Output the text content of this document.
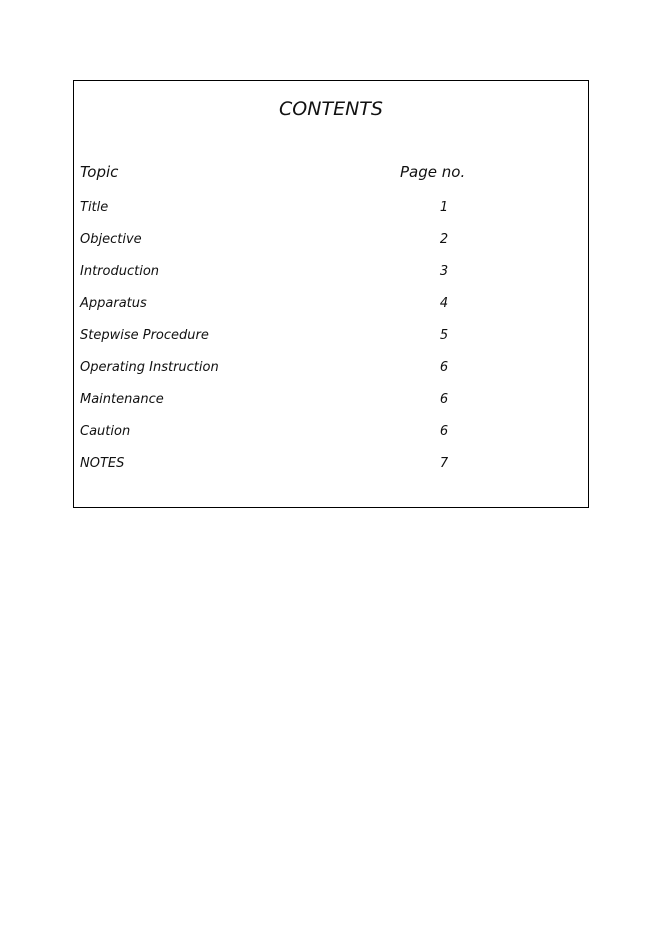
CONTENTS
Topic	Page no.
Title	1
Objective	2
Introduction	3
Apparatus	4
Stepwise Procedure	5
Operating Instruction	6
Maintenance	6
Caution	6
NOTES	7
